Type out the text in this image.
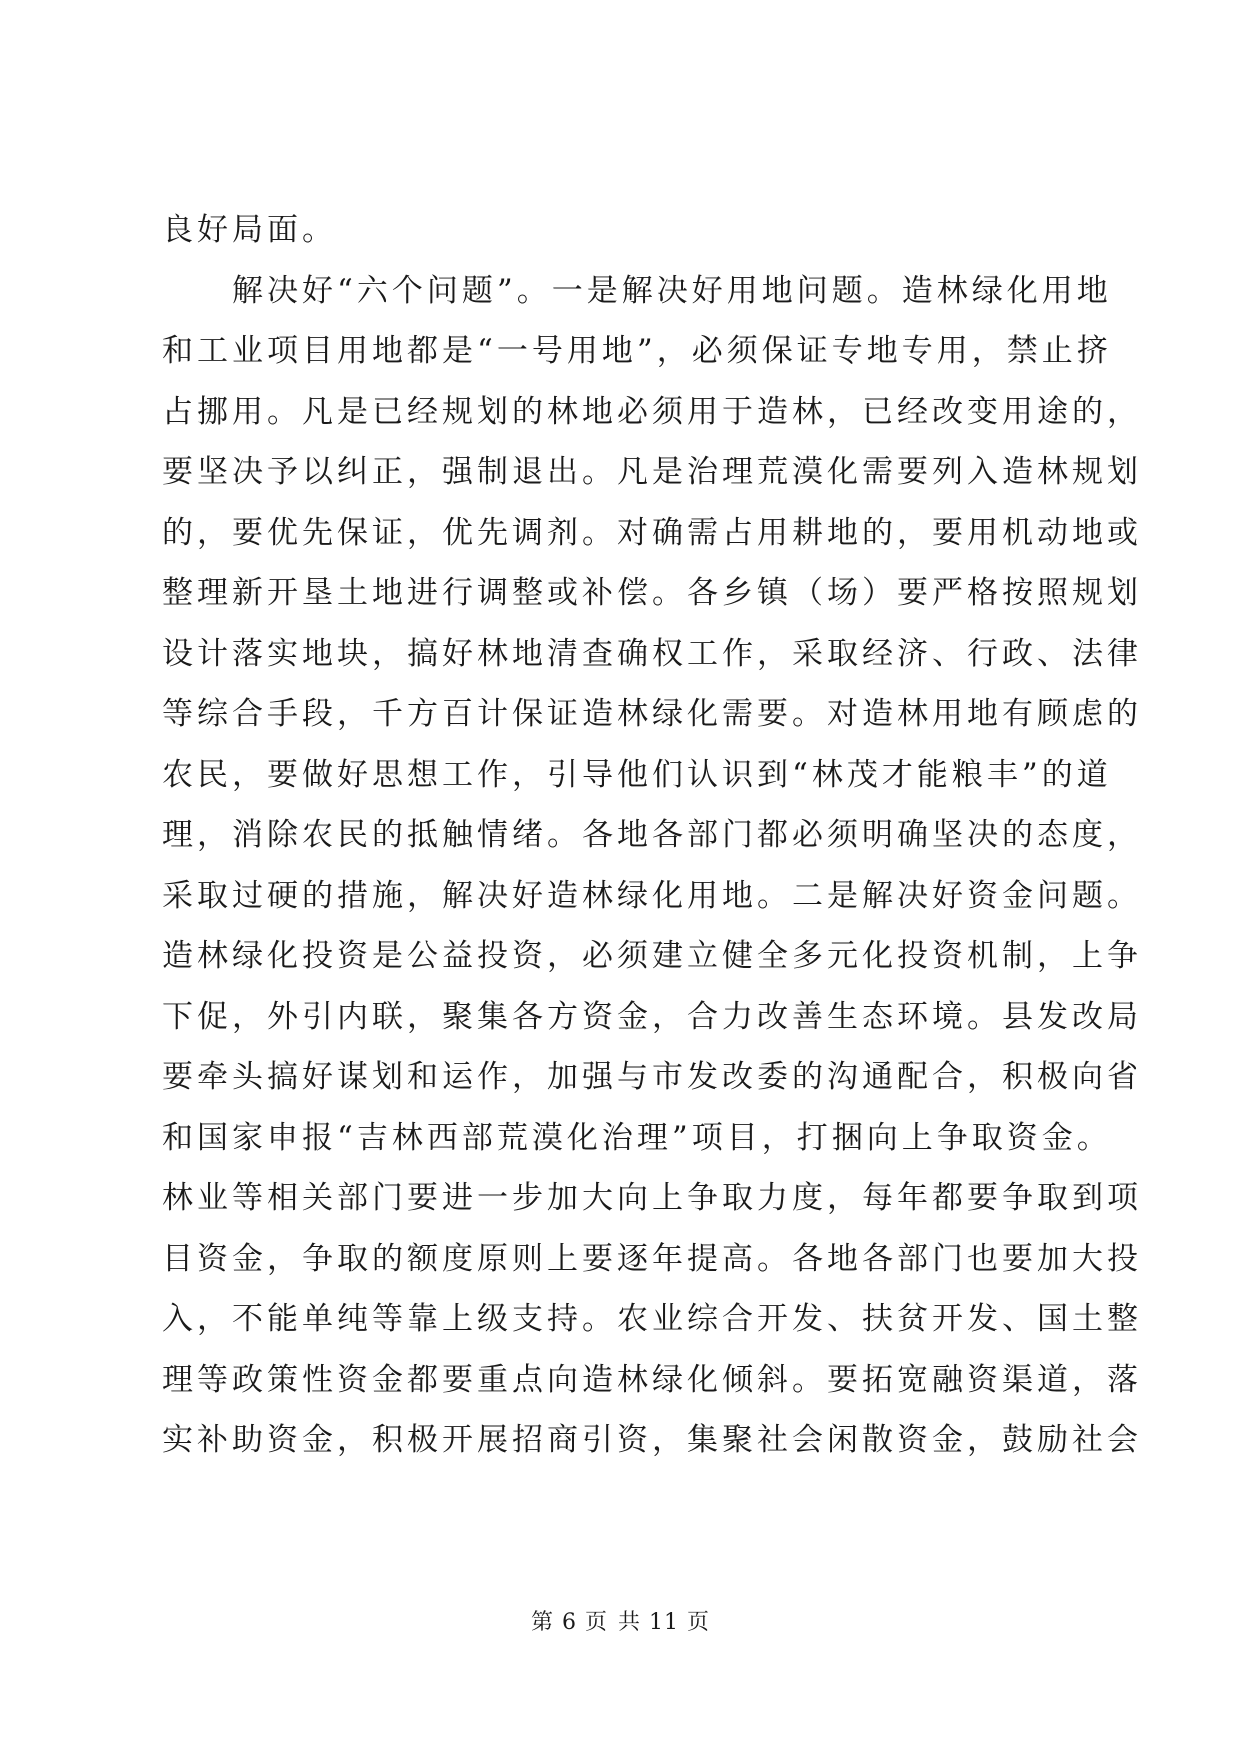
良好局面。
　　解决好“六个问题”。一是解决好用地问题。造林绿化用地
和工业项目用地都是“一号用地”，必须保证专地专用，禁止挤
占挪用。凡是已经规划的林地必须用于造林，已经改变用途的，
要坚决予以纠正，强制退出。凡是治理荒漠化需要列入造林规划
的，要优先保证，优先调剂。对确需占用耕地的，要用机动地或
整理新开垦土地进行调整或补偿。各乡镇（场）要严格按照规划
设计落实地块，搞好林地清查确权工作，采取经济、行政、法律
等综合手段，千方百计保证造林绿化需要。对造林用地有顾虑的
农民，要做好思想工作，引导他们认识到“林茂才能粮丰”的道
理，消除农民的抵触情绪。各地各部门都必须明确坚决的态度，
采取过硬的措施，解决好造林绿化用地。二是解决好资金问题。
造林绿化投资是公益投资，必须建立健全多元化投资机制，上争
下促，外引内联，聚集各方资金，合力改善生态环境。县发改局
要牵头搞好谋划和运作，加强与市发改委的沟通配合，积极向省
和国家申报“吉林西部荒漠化治理”项目，打捆向上争取资金。
林业等相关部门要进一步加大向上争取力度，每年都要争取到项
目资金，争取的额度原则上要逐年提高。各地各部门也要加大投
入，不能单纯等靠上级支持。农业综合开发、扶贫开发、国土整
理等政策性资金都要重点向造林绿化倾斜。要拓宽融资渠道，落
实补助资金，积极开展招商引资，集聚社会闲散资金，鼓励社会
第 6 页 共 11 页
